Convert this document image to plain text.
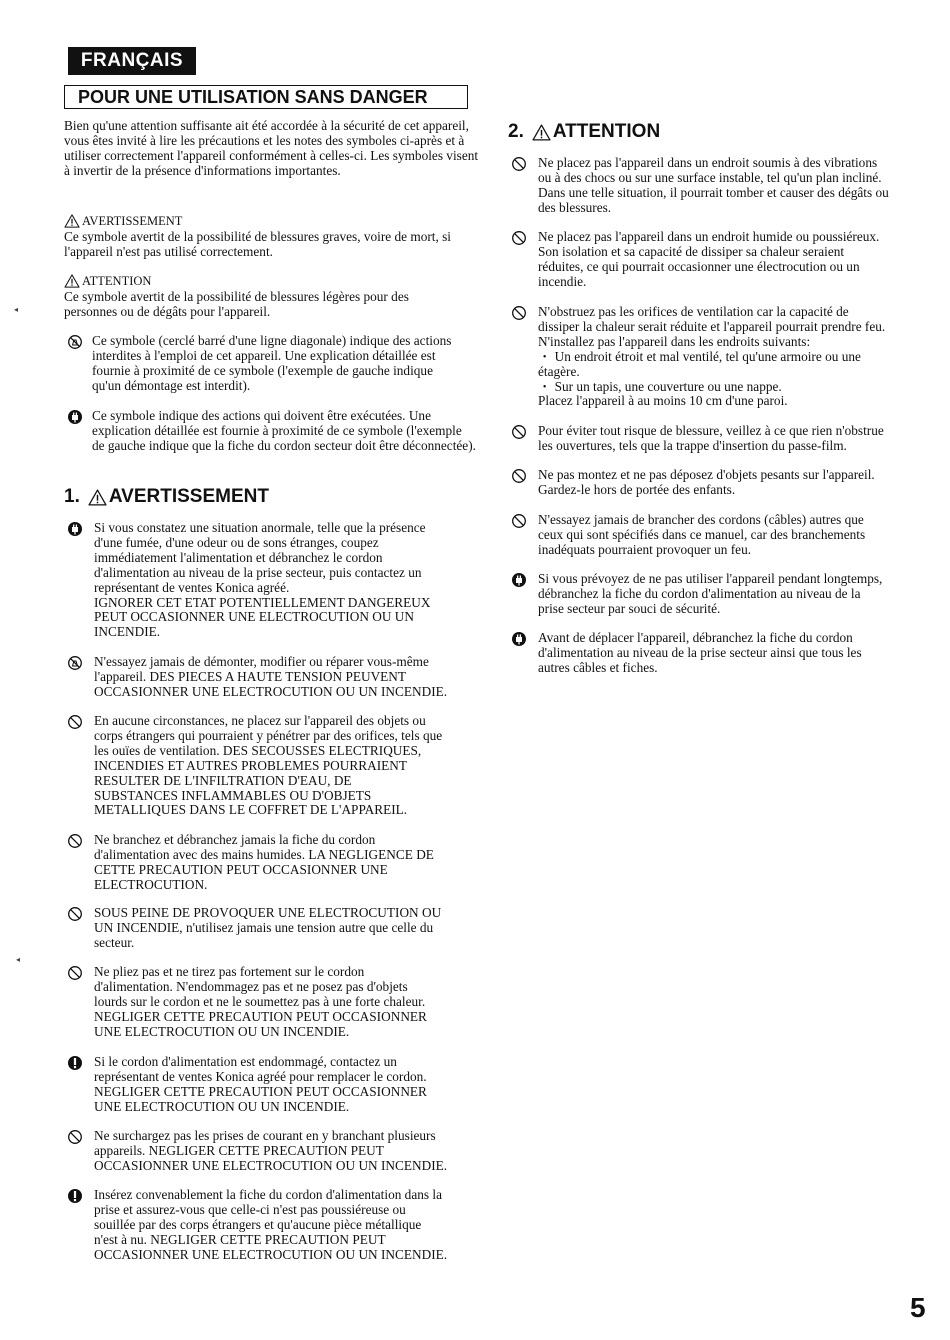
FRANÇAIS
POUR UNE UTILISATION SANS DANGER

Bien qu'une attention suffisante ait été accordée à la sécurité de cet appareil, vous êtes invité à lire les précautions et les notes des symboles ci-après et à utiliser correctement l'appareil conformément à celles-ci. Les symboles visent à invertir de la présence d'informations importantes.

AVERTISSEMENT

Ce symbole avertit de la possibilité de blessures graves, voire de mort, si l'appareil n'est pas utilisé correctement.

ATTENTION

Ce symbole avertit de la possibilité de blessures légères pour des personnes ou de dégâts pour l'appareil.

Ce symbole (cerclé barré d'une ligne diagonale) indique des actions interdites à l'emploi de cet appareil. Une explication détaillée est fournie à proximité de ce symbole (l'exemple de gauche indique qu'un démontage est interdit).
Ce symbole indique des actions qui doivent être exécutées. Une explication détaillée est fournie à proximité de ce symbole (l'exemple de gauche indique que la fiche du cordon secteur doit être déconnectée).
1. AVERTISSEMENT
Si vous constatez une situation anormale, telle que la présence
d'une fumée, d'une odeur ou de sons étranges, coupez
immédiatement l'alimentation et débranchez le cordon
d'alimentation au niveau de la prise secteur, puis contactez un
représentant de ventes Konica agréé.
IGNORER CET ETAT POTENTIELLEMENT DANGEREUX
PEUT OCCASIONNER UNE ELECTROCUTION OU UN
INCENDIE.
N'essayez jamais de démonter, modifier ou réparer vous-même
l'appareil. DES PIECES A HAUTE TENSION PEUVENT
OCCASIONNER UNE ELECTROCUTION OU UN INCENDIE.
En aucune circonstances, ne placez sur l'appareil des objets ou
corps étrangers qui pourraient y pénétrer par des orifices, tels que
les ouïes de ventilation. DES SECOUSSES ELECTRIQUES,
INCENDIES ET AUTRES PROBLEMES POURRAIENT
RESULTER DE L'INFILTRATION D'EAU, DE
SUBSTANCES INFLAMMABLES OU D'OBJETS
METALLIQUES DANS LE COFFRET DE L'APPAREIL.
Ne branchez et débranchez jamais la fiche du cordon
d'alimentation avec des mains humides. LA NEGLIGENCE DE
CETTE PRECAUTION PEUT OCCASIONNER UNE
ELECTROCUTION.
SOUS PEINE DE PROVOQUER UNE ELECTROCUTION OU
UN INCENDIE, n'utilisez jamais une tension autre que celle du
secteur.
Ne pliez pas et ne tirez pas fortement sur le cordon
d'alimentation. N'endommagez pas et ne posez pas d'objets
lourds sur le cordon et ne le soumettez pas à une forte chaleur.
NEGLIGER CETTE PRECAUTION PEUT OCCASIONNER
UNE ELECTROCUTION OU UN INCENDIE.
Si le cordon d'alimentation est endommagé, contactez un
représentant de ventes Konica agréé pour remplacer le cordon.
NEGLIGER CETTE PRECAUTION PEUT OCCASIONNER
UNE ELECTROCUTION OU UN INCENDIE.
Ne surchargez pas les prises de courant en y branchant plusieurs
appareils. NEGLIGER CETTE PRECAUTION PEUT
OCCASIONNER UNE ELECTROCUTION OU UN INCENDIE.
Insérez convenablement la fiche du cordon d'alimentation dans la
prise et assurez-vous que celle-ci n'est pas poussiéreuse ou
souillée par des corps étrangers et qu'aucune pièce métallique
n'est à nu. NEGLIGER CETTE PRECAUTION PEUT
OCCASIONNER UNE ELECTROCUTION OU UN INCENDIE.
2. ATTENTION
Ne placez pas l'appareil dans un endroit soumis à des vibrations
ou à des chocs ou sur une surface instable, tel qu'un plan incliné.
Dans une telle situation, il pourrait tomber et causer des dégâts ou
des blessures.
Ne placez pas l'appareil dans un endroit humide ou poussiéreux.
Son isolation et sa capacité de dissiper sa chaleur seraient
réduites, ce qui pourrait occasionner une électrocution ou un
incendie.
N'obstruez pas les orifices de ventilation car la capacité de
dissiper la chaleur serait réduite et l'appareil pourrait prendre feu.
N'installez pas l'appareil dans les endroits suivants:
・ Un endroit étroit et mal ventilé, tel qu'une armoire ou une
étagère.
・ Sur un tapis, une couverture ou une nappe.
Placez l'appareil à au moins 10 cm d'une paroi.
Pour éviter tout risque de blessure, veillez à ce que rien n'obstrue
les ouvertures, tels que la trappe d'insertion du passe-film.
Ne pas montez et ne pas déposez d'objets pesants sur l'appareil.
Gardez-le hors de portée des enfants.
N'essayez jamais de brancher des cordons (câbles) autres que
ceux qui sont spécifiés dans ce manuel, car des branchements
inadéquats pourraient provoquer un feu.
Si vous prévoyez de ne pas utiliser l'appareil pendant longtemps,
débranchez la fiche du cordon d'alimentation au niveau de la
prise secteur par souci de sécurité.
Avant de déplacer l'appareil, débranchez la fiche du cordon
d'alimentation au niveau de la prise secteur ainsi que tous les
autres câbles et fiches.
5
◂
◂
